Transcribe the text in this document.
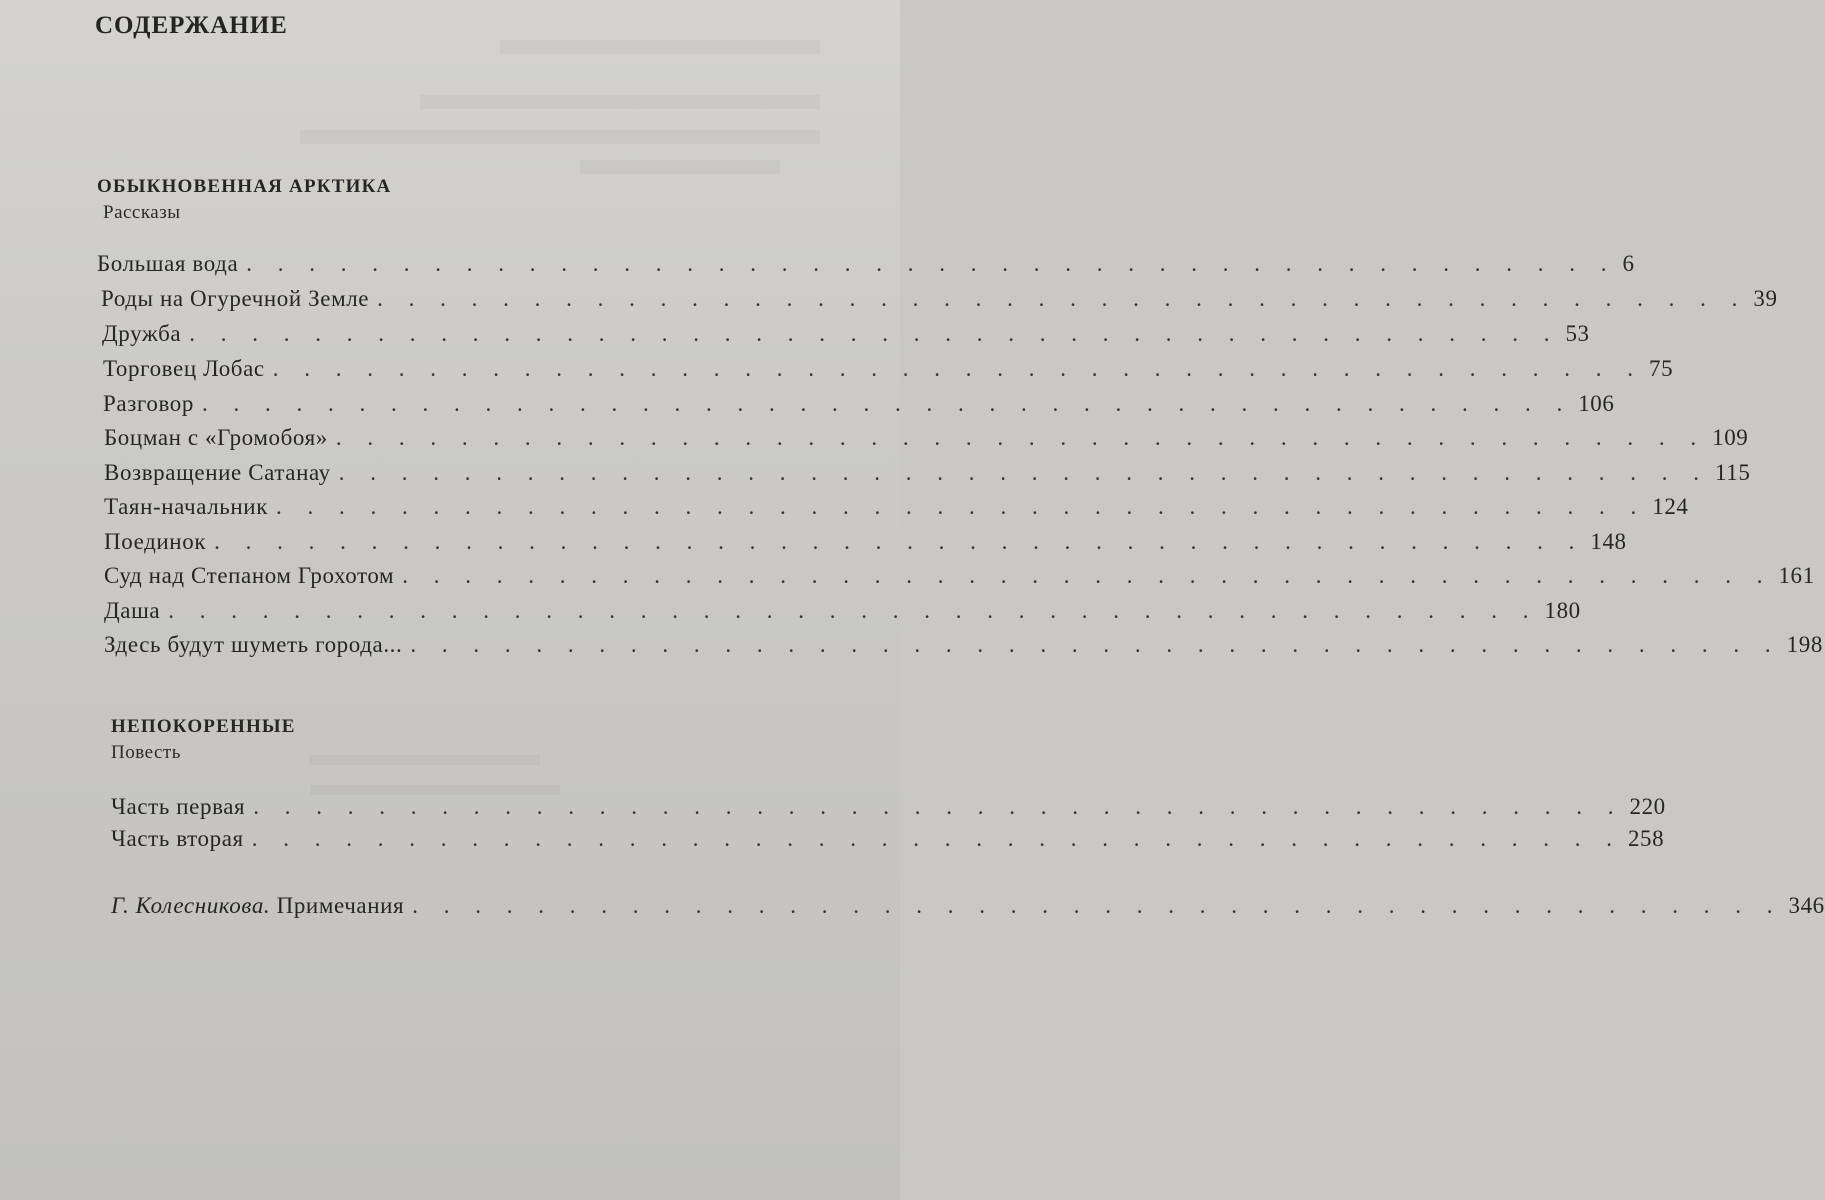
СОДЕРЖАНИЕ
ОБЫКНОВЕННАЯ АРКТИКА
Рассказы
Большая вода . . . . . . . . . . . . . . . . . . . . . . . . . . . . . . . . . . . . . . . . . . . . 6
Роды на Огуречной Земле . . . . . . . . . . . . . . . . . . . . . . . . . . . . . . . . . . . . . . . . . . . . 39
Дружба . . . . . . . . . . . . . . . . . . . . . . . . . . . . . . . . . . . . . . . . . . . . 53
Торговец Лобас . . . . . . . . . . . . . . . . . . . . . . . . . . . . . . . . . . . . . . . . . . . . 75
Разговор . . . . . . . . . . . . . . . . . . . . . . . . . . . . . . . . . . . . . . . . . . . . 106
Боцман с «Громобоя» . . . . . . . . . . . . . . . . . . . . . . . . . . . . . . . . . . . . . . . . . . . . 109
Возвращение Сатанау . . . . . . . . . . . . . . . . . . . . . . . . . . . . . . . . . . . . . . . . . . . . 115
Таян-начальник . . . . . . . . . . . . . . . . . . . . . . . . . . . . . . . . . . . . . . . . . . . . 124
Поединок . . . . . . . . . . . . . . . . . . . . . . . . . . . . . . . . . . . . . . . . . . . . 148
Суд над Степаном Грохотом . . . . . . . . . . . . . . . . . . . . . . . . . . . . . . . . . . . . . . . . . . . . 161
Даша . . . . . . . . . . . . . . . . . . . . . . . . . . . . . . . . . . . . . . . . . . . . 180
Здесь будут шуметь города... . . . . . . . . . . . . . . . . . . . . . . . . . . . . . . . . . . . . . . . . . . . . 198
НЕПОКОРЕННЫЕ
Повесть
Часть первая . . . . . . . . . . . . . . . . . . . . . . . . . . . . . . . . . . . . . . . . . . . . 220
Часть вторая . . . . . . . . . . . . . . . . . . . . . . . . . . . . . . . . . . . . . . . . . . . . 258
Г. Колесникова. Примечания . . . . . . . . . . . . . . . . . . . . . . . . . . . . . . . . . . . . . . . . . . . . 346
